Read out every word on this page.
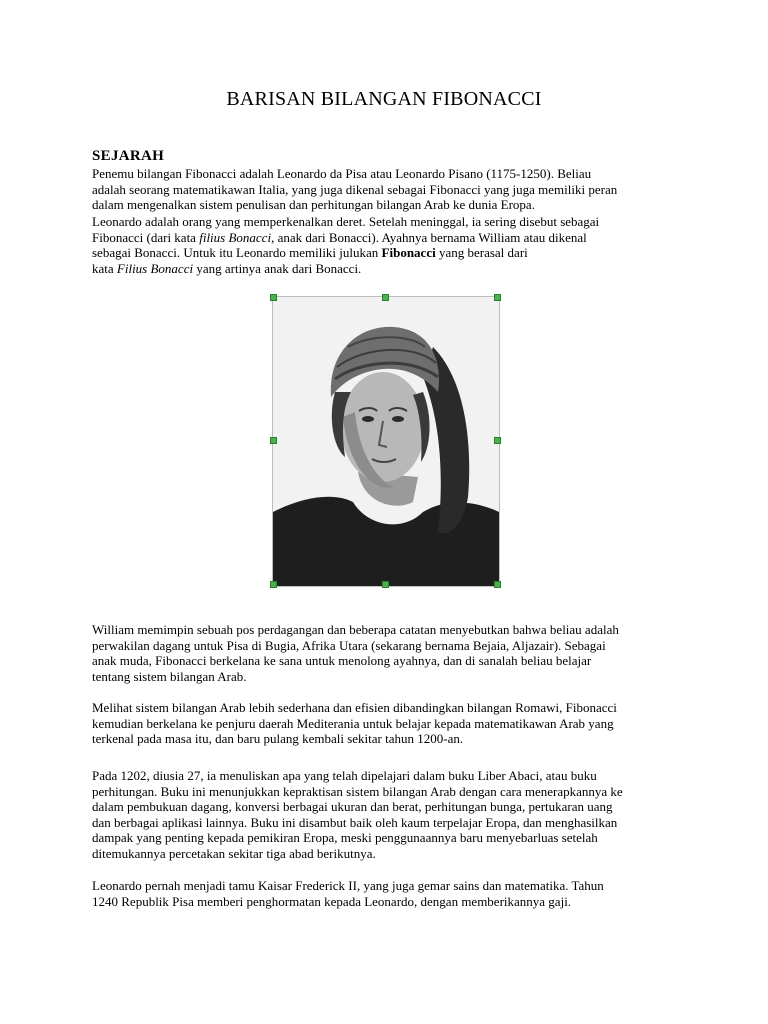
BARISAN BILANGAN FIBONACCI
SEJARAH
Penemu bilangan Fibonacci adalah Leonardo da Pisa atau Leonardo Pisano (1175-1250). Beliau
adalah seorang matematikawan Italia, yang juga dikenal sebagai Fibonacci yang juga memiliki peran
dalam mengenalkan sistem penulisan dan perhitungan bilangan Arab ke dunia Eropa.
Leonardo adalah orang yang memperkenalkan deret. Setelah meninggal, ia sering disebut sebagai
Fibonacci (dari kata filius Bonacci, anak dari Bonacci). Ayahnya bernama William atau dikenal
sebagai Bonacci. Untuk itu Leonardo memiliki julukan Fibonacci yang berasal dari
kata Filius Bonacci yang artinya anak dari Bonacci.
William memimpin sebuah pos perdagangan dan beberapa catatan menyebutkan bahwa beliau adalah
perwakilan dagang untuk Pisa di Bugia, Afrika Utara (sekarang bernama Bejaia, Aljazair). Sebagai
anak muda, Fibonacci berkelana ke sana untuk menolong ayahnya, dan di sanalah beliau belajar
tentang sistem bilangan Arab.
Melihat sistem bilangan Arab lebih sederhana dan efisien dibandingkan bilangan Romawi, Fibonacci
kemudian berkelana ke penjuru daerah Mediterania untuk belajar kepada matematikawan Arab yang
terkenal pada masa itu, dan baru pulang kembali sekitar tahun 1200-an.
Pada 1202, diusia 27, ia menuliskan apa yang telah dipelajari dalam buku Liber Abaci, atau buku
perhitungan. Buku ini menunjukkan kepraktisan sistem bilangan Arab dengan cara menerapkannya ke
dalam pembukuan dagang, konversi berbagai ukuran dan berat, perhitungan bunga, pertukaran uang
dan berbagai aplikasi lainnya. Buku ini disambut baik oleh kaum terpelajar Eropa, dan menghasilkan
dampak yang penting kepada pemikiran Eropa, meski penggunaannya baru menyebarluas setelah
ditemukannya percetakan sekitar tiga abad berikutnya.
Leonardo pernah menjadi tamu Kaisar Frederick II, yang juga gemar sains dan matematika. Tahun
1240 Republik Pisa memberi penghormatan kepada Leonardo, dengan memberikannya gaji.
